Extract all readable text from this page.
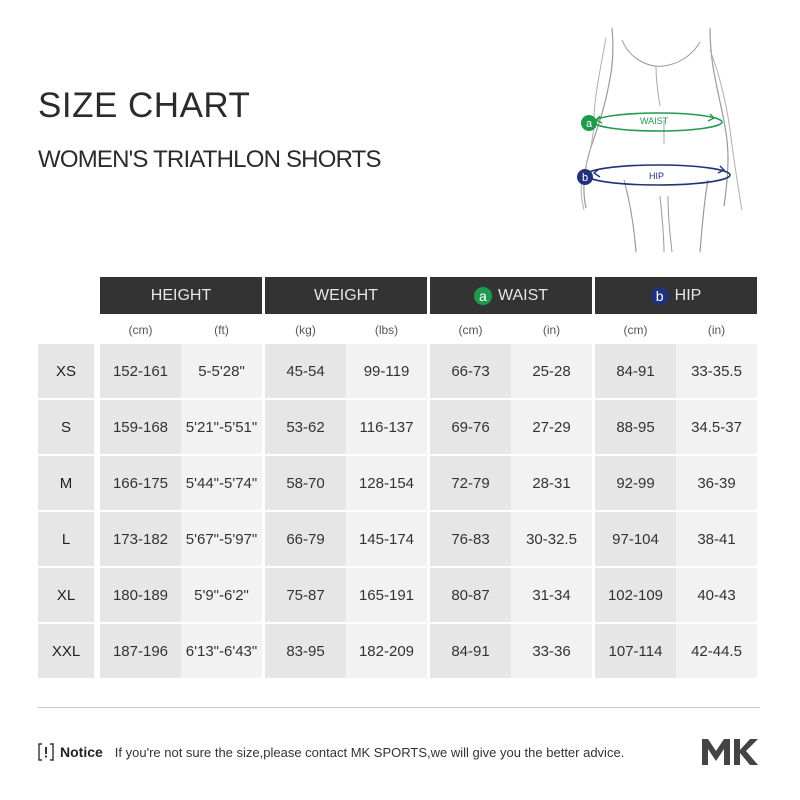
SIZE CHART
WOMEN'S TRIATHLON SHORTS
a
b
WAIST
HIP
HEIGHT	WEIGHT	a WAIST	b HIP
(cm)	(ft)	(kg)	(lbs)	(cm)	(in)	(cm)	(in)
XS	152-161	5-5'28"	45-54	99-119	66-73	25-28	84-91	33-35.5
S	159-168	5'21"-5'51"	53-62	116-137	69-76	27-29	88-95	34.5-37
M	166-175	5'44"-5'74"	58-70	128-154	72-79	28-31	92-99	36-39
L	173-182	5'67"-5'97"	66-79	145-174	76-83	30-32.5	97-104	38-41
XL	180-189	5'9"-6'2"	75-87	165-191	80-87	31-34	102-109	40-43
XXL	187-196	6'13"-6'43"	83-95	182-209	84-91	33-36	107-114	42-44.5
Notice If you're not sure the size,please contact MK SPORTS,we will give you the better advice.
